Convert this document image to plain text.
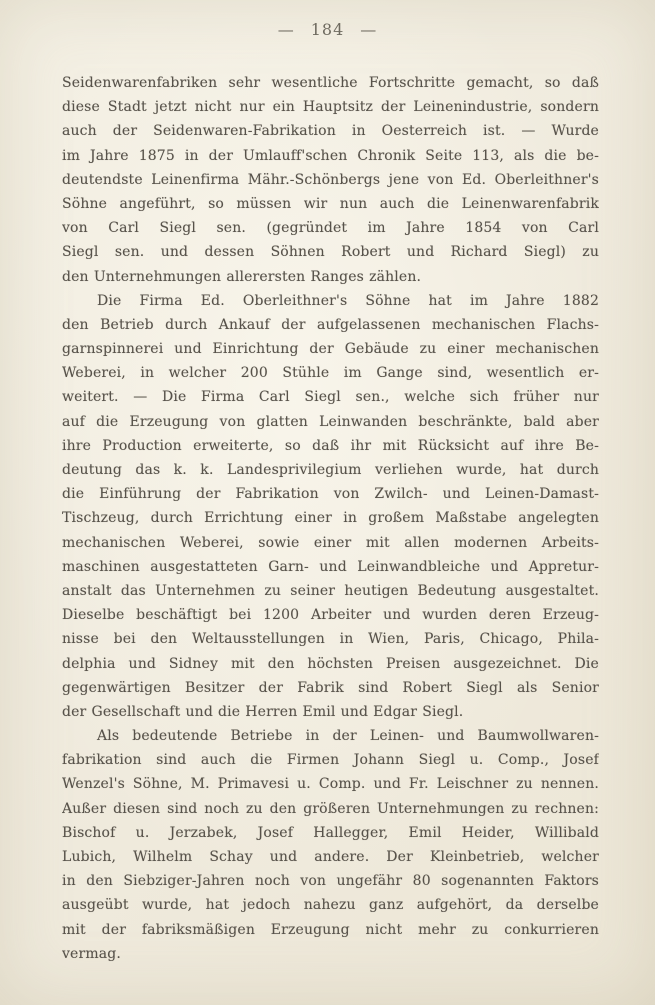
— 184 —
Seidenwarenfabriken sehr wesentliche Fortschritte gemacht, so daß
diese Stadt jetzt nicht nur ein Hauptsitz der Leinenindustrie, sondern
auch der Seidenwaren-Fabrikation in Oesterreich ist. — Wurde
im Jahre 1875 in der Umlauff'schen Chronik Seite 113, als die be-
deutendste Leinenfirma Mähr.-Schönbergs jene von Ed. Oberleithner's
Söhne angeführt, so müssen wir nun auch die Leinenwarenfabrik
von Carl Siegl sen. (gegründet im Jahre 1854 von Carl
Siegl sen. und dessen Söhnen Robert und Richard Siegl) zu
den Unternehmungen allerersten Ranges zählen.
Die Firma Ed. Oberleithner's Söhne hat im Jahre 1882
den Betrieb durch Ankauf der aufgelassenen mechanischen Flachs-
garnspinnerei und Einrichtung der Gebäude zu einer mechanischen
Weberei, in welcher 200 Stühle im Gange sind, wesentlich er-
weitert. — Die Firma Carl Siegl sen., welche sich früher nur
auf die Erzeugung von glatten Leinwanden beschränkte, bald aber
ihre Production erweiterte, so daß ihr mit Rücksicht auf ihre Be-
deutung das k. k. Landesprivilegium verliehen wurde, hat durch
die Einführung der Fabrikation von Zwilch- und Leinen-Damast-
Tischzeug, durch Errichtung einer in großem Maßstabe angelegten
mechanischen Weberei, sowie einer mit allen modernen Arbeits-
maschinen ausgestatteten Garn- und Leinwandbleiche und Appretur-
anstalt das Unternehmen zu seiner heutigen Bedeutung ausgestaltet.
Dieselbe beschäftigt bei 1200 Arbeiter und wurden deren Erzeug-
nisse bei den Weltausstellungen in Wien, Paris, Chicago, Phila-
delphia und Sidney mit den höchsten Preisen ausgezeichnet. Die
gegenwärtigen Besitzer der Fabrik sind Robert Siegl als Senior
der Gesellschaft und die Herren Emil und Edgar Siegl.
Als bedeutende Betriebe in der Leinen- und Baumwollwaren-
fabrikation sind auch die Firmen Johann Siegl u. Comp., Josef
Wenzel's Söhne, M. Primavesi u. Comp. und Fr. Leischner zu nennen.
Außer diesen sind noch zu den größeren Unternehmungen zu rechnen:
Bischof u. Jerzabek, Josef Hallegger, Emil Heider, Willibald
Lubich, Wilhelm Schay und andere. Der Kleinbetrieb, welcher
in den Siebziger-Jahren noch von ungefähr 80 sogenannten Faktors
ausgeübt wurde, hat jedoch nahezu ganz aufgehört, da derselbe
mit der fabriksmäßigen Erzeugung nicht mehr zu conkurrieren
vermag.
